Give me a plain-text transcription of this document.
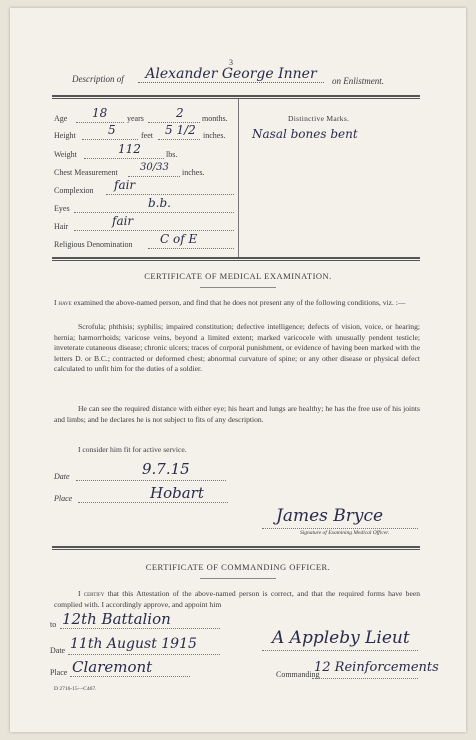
3
Description of	Alexander George Inner	on Enlistment.
Age 18 years	2 months.
Height	5	feet 5 1/2 inches.
Weight	112	lbs.
Chest Measurement 30/33 inches.
Complexion fair
Eyes	b.b.
Hair	fair
Religious Denomination C of E
Distinctive Marks.
Nasal bones bent
CERTIFICATE OF MEDICAL EXAMINATION.
I have examined the above-named person, and find that he does not present any of the following conditions, viz. :—
Scrofula; phthisis; syphilis; impaired constitution; defective intelligence; defects of vision, voice, or hearing; hernia; hæmorrhoids; varicose veins, beyond a limited extent; marked varicocele with unusually pendent testicle; inveterate cutaneous disease; chronic ulcers; traces of corporal punishment, or evidence of having been marked with the letters D. or B.C.; contracted or deformed chest; abnormal curvature of spine; or any other disease or physical defect calculated to unfit him for the duties of a soldier.
He can see the required distance with either eye; his heart and lungs are healthy; he has the free use of his joints and limbs; and he declares he is not subject to fits of any description.
I consider him fit for active service.
Date	9.7.15
Place	Hobart
James Bryce
Signature of Examining Medical Officer.
CERTIFICATE OF COMMANDING OFFICER.
I certify that this Attestation of the above-named person is correct, and that the required forms have been complied with. I accordingly approve, and appoint him
to 12th Battalion
Date 11th August 1915
Place Claremont
D 2716-15—C467.
A Appleby Lieut
Commanding
12 Reinforcements
